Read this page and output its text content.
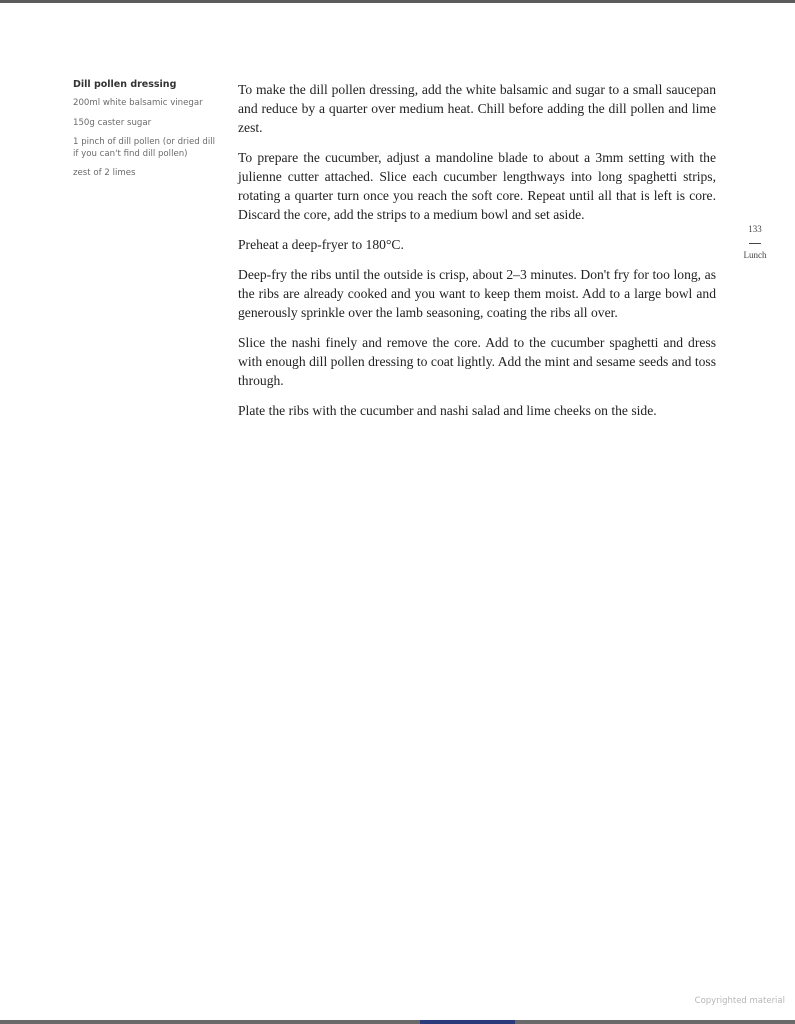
Dill pollen dressing

200ml white balsamic vinegar

150g caster sugar

1 pinch of dill pollen (or dried dill if you can't find dill pollen)

zest of 2 limes

To make the dill pollen dressing, add the white balsamic and sugar to a small saucepan and reduce by a quarter over medium heat. Chill before adding the dill pollen and lime zest.

To prepare the cucumber, adjust a mandoline blade to about a 3mm setting with the julienne cutter attached. Slice each cucumber lengthways into long spaghetti strips, rotating a quarter turn once you reach the soft core. Repeat until all that is left is core. Discard the core, add the strips to a medium bowl and set aside.

Preheat a deep-fryer to 180°C.

Deep-fry the ribs until the outside is crisp, about 2–3 minutes. Don't fry for too long, as the ribs are already cooked and you want to keep them moist. Add to a large bowl and generously sprinkle over the lamb seasoning, coating the ribs all over.

Slice the nashi finely and remove the core. Add to the cucumber spaghetti and dress with enough dill pollen dressing to coat lightly. Add the mint and sesame seeds and toss through.

Plate the ribs with the cucumber and nashi salad and lime cheeks on the side.

133
Lunch
Copyrighted material
